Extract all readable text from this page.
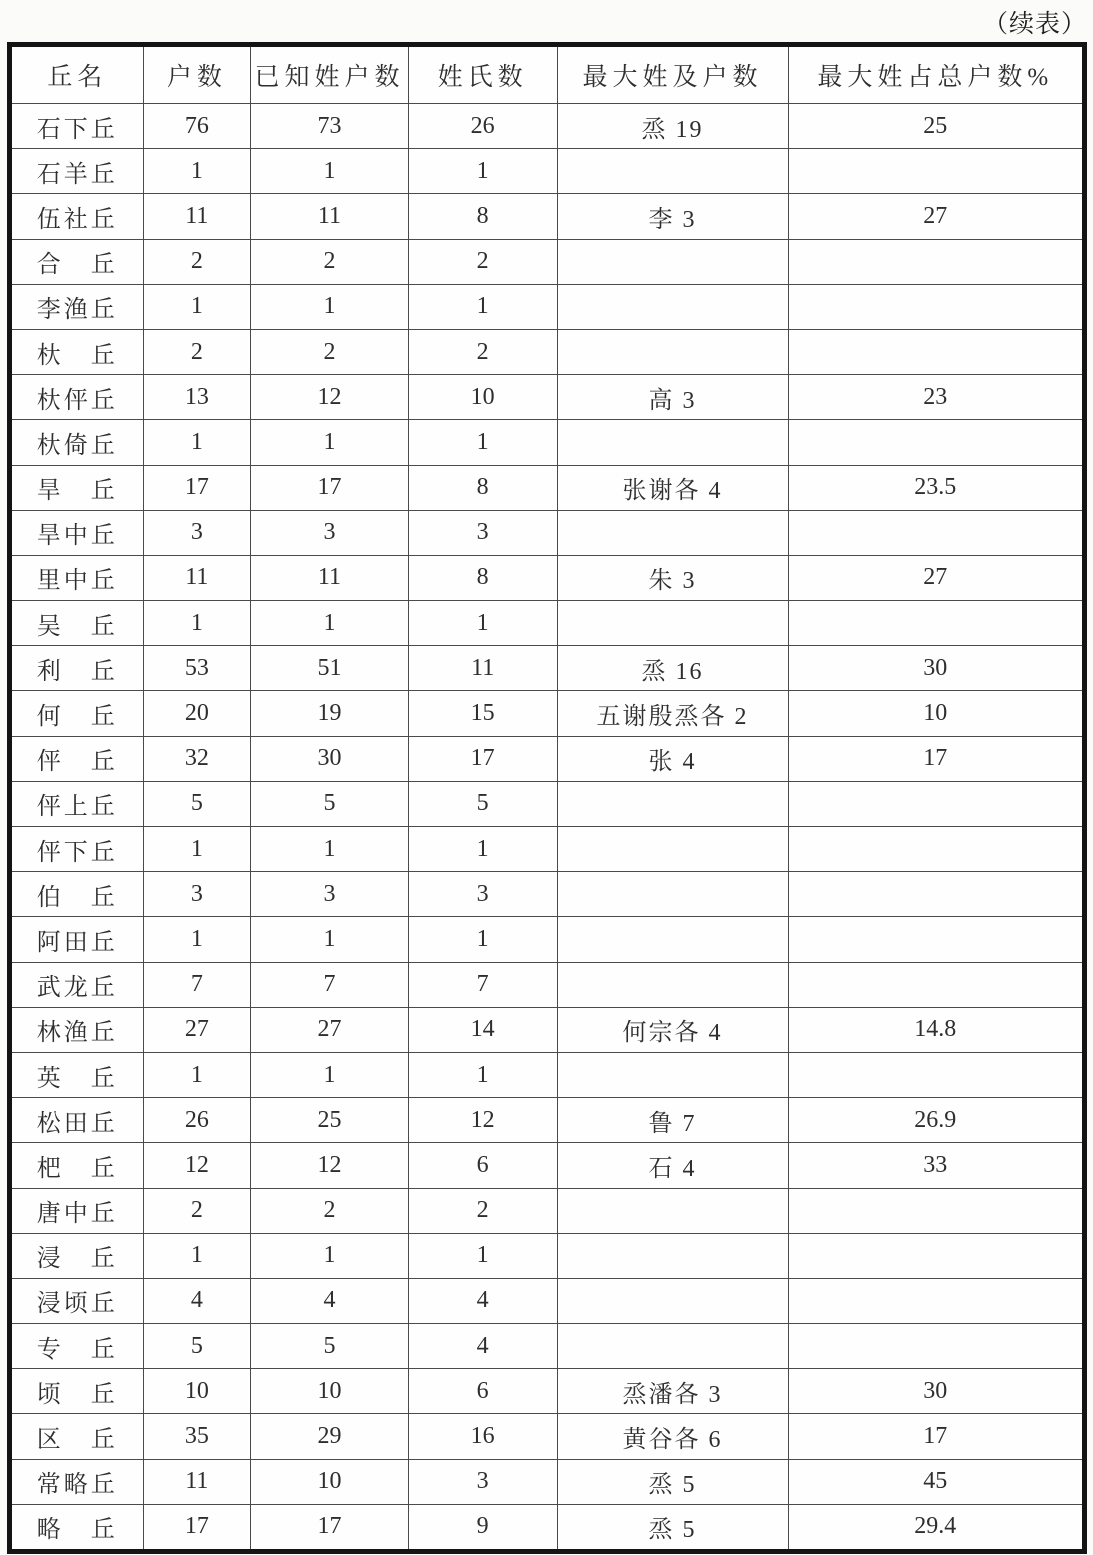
（续表）
丘名	户数	已知姓户数	姓氏数	最大姓及户数	最大姓占总户数%
石下丘	76	73	26	烝 19	25
石羊丘	1	1	1		
伍社丘	11	11	8	李 3	27
合　丘	2	2	2		
李渔丘	1	1	1		
杕　丘	2	2	2		
杕伻丘	13	12	10	高 3	23
杕倚丘	1	1	1		
旱　丘	17	17	8	张谢各 4	23.5
旱中丘	3	3	3		
里中丘	11	11	8	朱 3	27
吴　丘	1	1	1		
利　丘	53	51	11	烝 16	30
何　丘	20	19	15	五谢殷烝各 2	10
伻　丘	32	30	17	张 4	17
伻上丘	5	5	5		
伻下丘	1	1	1		
伯　丘	3	3	3		
阿田丘	1	1	1		
武龙丘	7	7	7		
林渔丘	27	27	14	何宗各 4	14.8
英　丘	1	1	1		
松田丘	26	25	12	鲁 7	26.9
杷　丘	12	12	6	石 4	33
唐中丘	2	2	2		
浸　丘	1	1	1		
浸顷丘	4	4	4		
专　丘	5	5	4		
顷　丘	10	10	6	烝潘各 3	30
区　丘	35	29	16	黄谷各 6	17
常略丘	11	10	3	烝 5	45
略　丘	17	17	9	烝 5	29.4
